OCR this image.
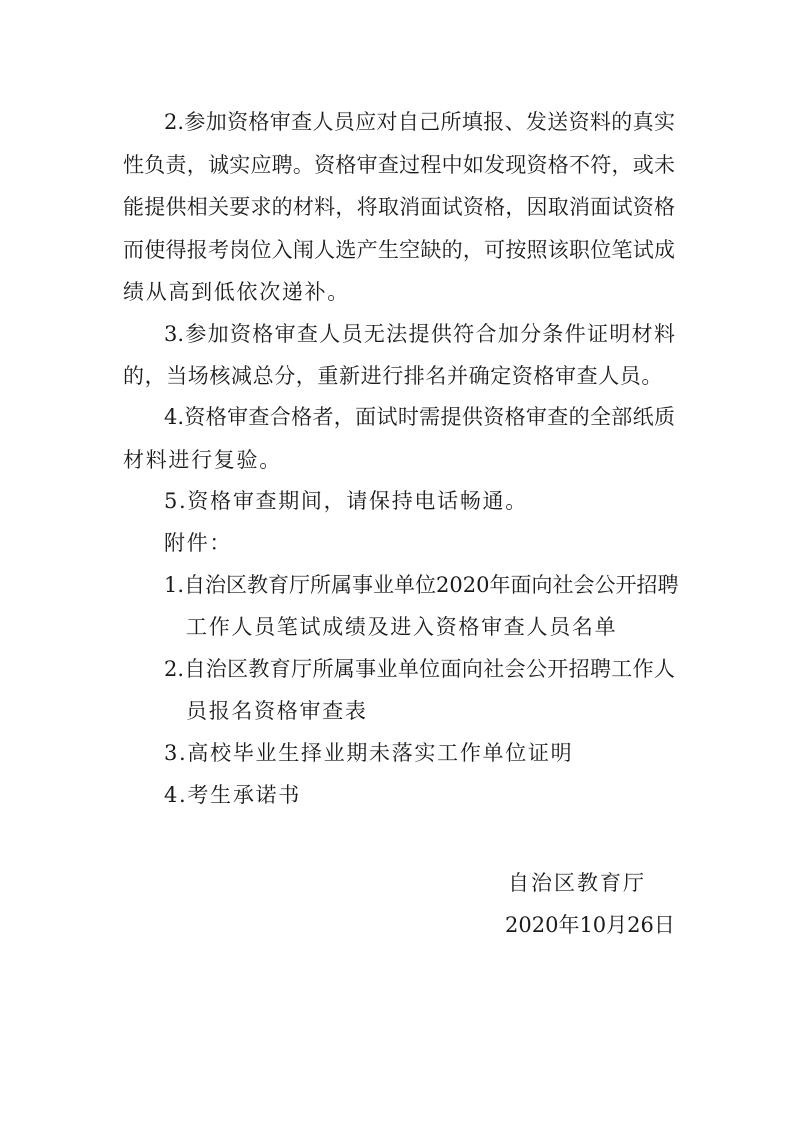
2.参加资格审查人员应对自己所填报、发送资料的真实
性负责，诚实应聘。资格审查过程中如发现资格不符，或未
能提供相关要求的材料，将取消面试资格，因取消面试资格
而使得报考岗位入闱人选产生空缺的，可按照该职位笔试成
绩从高到低依次递补。
3.参加资格审查人员无法提供符合加分条件证明材料
的，当场核减总分，重新进行排名并确定资格审查人员。
4.资格审查合格者，面试时需提供资格审查的全部纸质
材料进行复验。
5.资格审查期间，请保持电话畅通。
附件：
1.自治区教育厅所属事业单位2020年面向社会公开招聘
工作人员笔试成绩及进入资格审查人员名单
2.自治区教育厅所属事业单位面向社会公开招聘工作人
员报名资格审查表
3.高校毕业生择业期未落实工作单位证明
4.考生承诺书
自治区教育厅
2020年10月26日
